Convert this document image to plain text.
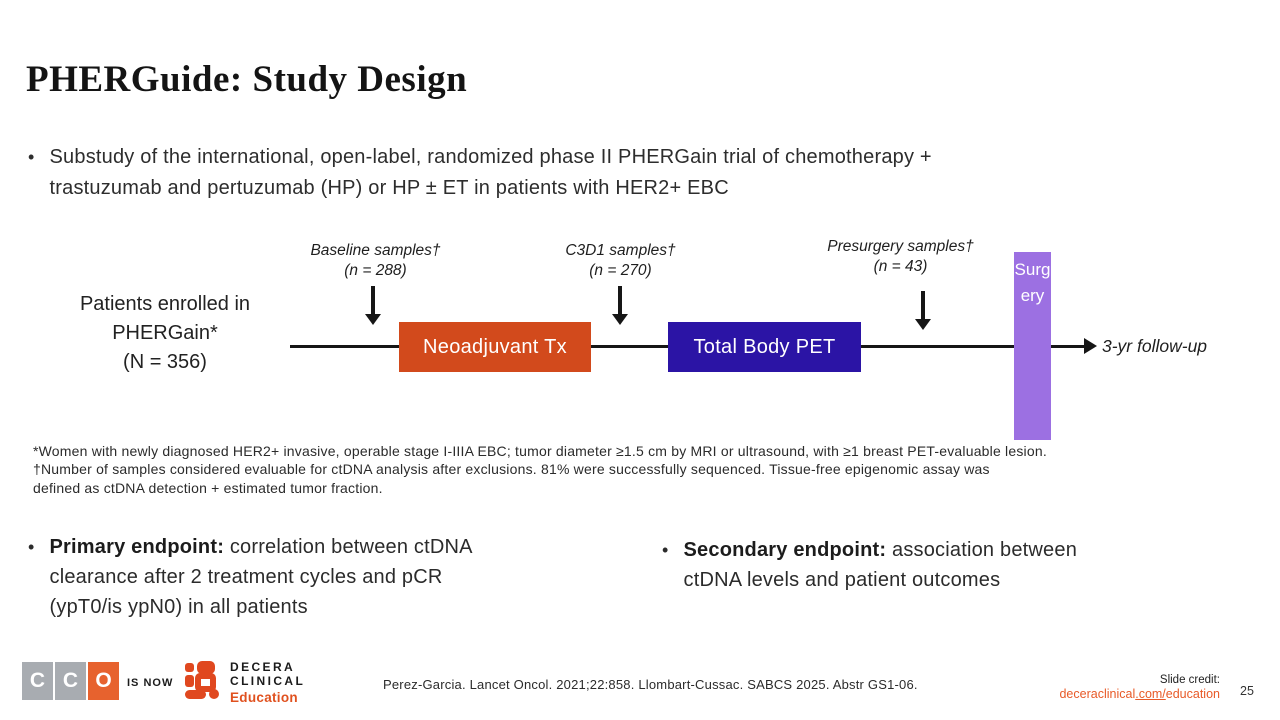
PHERGuide: Study Design
• Substudy of the international, open-label, randomized phase II PHERGain trial of chemotherapy +
trastuzumab and pertuzumab (HP) or HP ± ET in patients with HER2+ EBC
Patients enrolled in
PHERGain*
(N = 356)
Baseline samples†
(n = 288)
C3D1 samples†
(n = 270)
Presurgery samples†
(n = 43)
Neoadjuvant Tx	Total Body PET
Surgery
3-yr follow-up
*Women with newly diagnosed HER2+ invasive, operable stage I-IIIA EBC; tumor diameter ≥1.5 cm by MRI or ultrasound, with ≥1 breast PET-evaluable lesion.
†Number of samples considered evaluable for ctDNA analysis after exclusions. 81% were successfully sequenced. Tissue-free epigenomic assay was
defined as ctDNA detection + estimated tumor fraction.
• Primary endpoint: correlation between ctDNA
clearance after 2 treatment cycles and pCR
(ypT0/is ypN0) in all patients
• Secondary endpoint: association between
ctDNA levels and patient outcomes
C C O	IS NOW
DECERA
CLINICAL
Education
Perez-Garcia. Lancet Oncol. 2021;22:858. Llombart-Cussac. SABCS 2025. Abstr GS1-06.	Slide credit:
deceraclinical.com/education 25
